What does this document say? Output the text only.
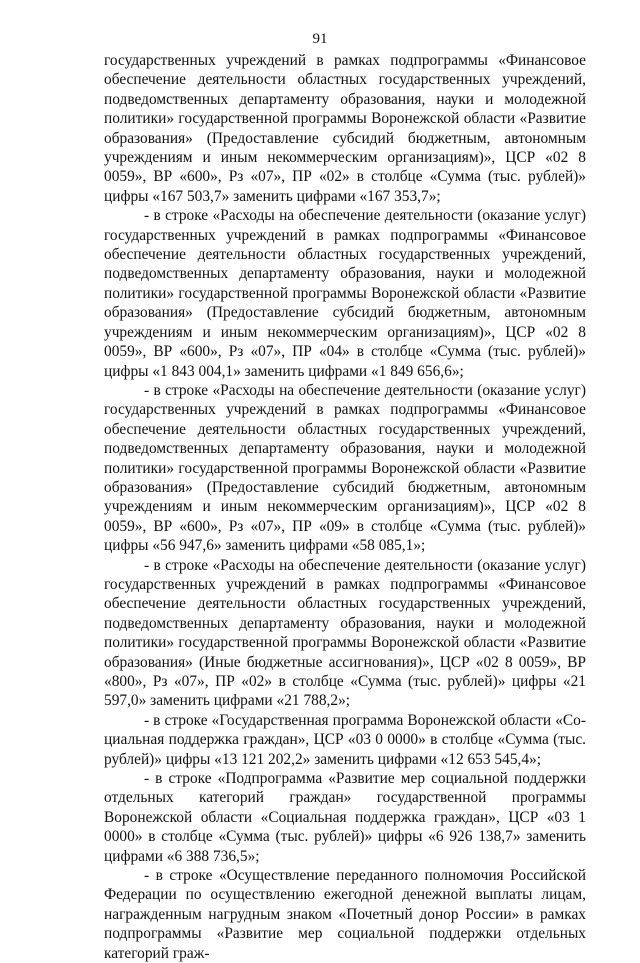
91

государственных учреждений в рамках подпрограммы «Финансовое обеспечение деятельности областных государственных учреждений, подведомственных департаменту образования, науки и молодежной политики» государственной программы Воронежской области «Развитие образования» (Предоставление субсидий бюджетным, автономным учреждениям и иным некоммерческим организациям)», ЦСР «02 8 0059», ВР «600», Рз «07», ПР «02» в столбце «Сумма (тыс. рублей)» цифры «167 503,7» заменить цифрами «167 353,7»;

- в строке «Расходы на обеспечение деятельности (оказание услуг) государственных учреждений в рамках подпрограммы «Финансовое обеспечение деятельности областных государственных учреждений, подведомственных департаменту образования, науки и молодежной политики» государственной программы Воронежской области «Развитие образования» (Предоставление субсидий бюджетным, автономным учреждениям и иным некоммерческим организациям)», ЦСР «02 8 0059», ВР «600», Рз «07», ПР «04» в столбце «Сумма (тыс. рублей)» цифры «1 843 004,1» заменить цифрами «1 849 656,6»;

- в строке «Расходы на обеспечение деятельности (оказание услуг) государственных учреждений в рамках подпрограммы «Финансовое обеспечение деятельности областных государственных учреждений, подведомственных департаменту образования, науки и молодежной политики» государственной программы Воронежской области «Развитие образования» (Предоставление субсидий бюджетным, автономным учреждениям и иным некоммерческим организациям)», ЦСР «02 8 0059», ВР «600», Рз «07», ПР «09» в столбце «Сумма (тыс. рублей)» цифры «56 947,6» заменить цифрами «58 085,1»;

- в строке «Расходы на обеспечение деятельности (оказание услуг) государственных учреждений в рамках подпрограммы «Финансовое обеспечение деятельности областных государственных учреждений, подведомственных департаменту образования, науки и молодежной политики» государственной программы Воронежской области «Развитие образования» (Иные бюджетные ассигнования)», ЦСР «02 8 0059», ВР «800», Рз «07», ПР «02» в столбце «Сумма (тыс. рублей)» цифры «21 597,0» заменить цифрами «21 788,2»;

- в строке «Государственная программа Воронежской области «Социальная поддержка граждан», ЦСР «03 0 0000» в столбце «Сумма (тыс. рублей)» цифры «13 121 202,2» заменить цифрами «12 653 545,4»;

- в строке «Подпрограмма «Развитие мер социальной поддержки отдельных категорий граждан» государственной программы Воронежской области «Социальная поддержка граждан», ЦСР «03 1 0000» в столбце «Сумма (тыс. рублей)» цифры «6 926 138,7» заменить цифрами «6 388 736,5»;

- в строке «Осуществление переданного полномочия Российской Федерации по осуществлению ежегодной денежной выплаты лицам, награжденным нагрудным знаком «Почетный донор России» в рамках подпрограммы «Развитие мер социальной поддержки отдельных категорий граж-
